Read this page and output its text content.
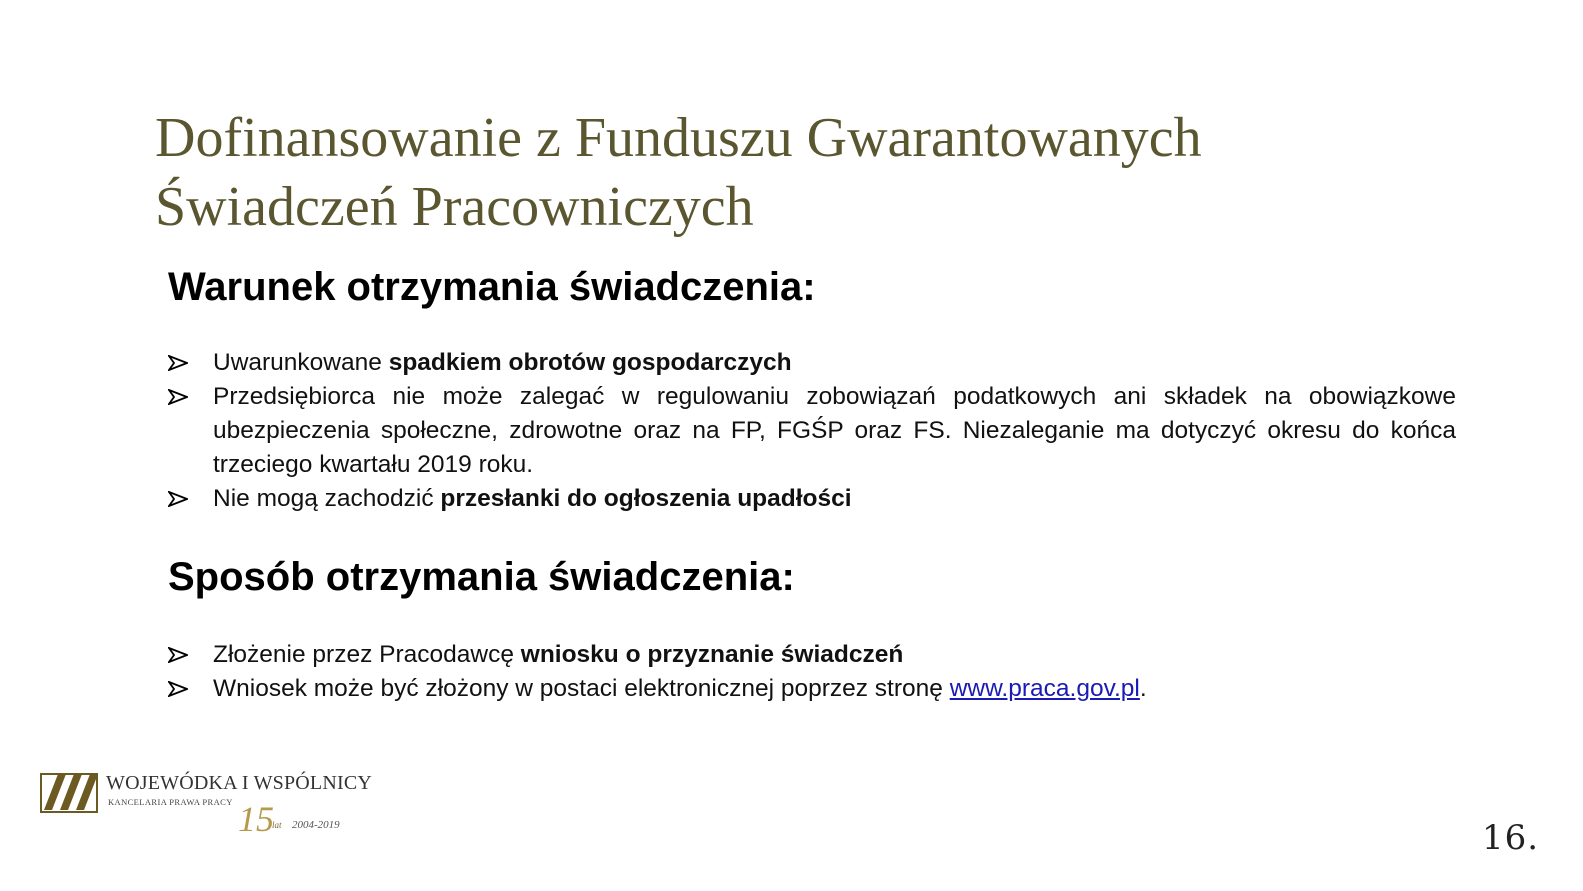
Dofinansowanie z Funduszu Gwarantowanych
Świadczeń Pracowniczych
Warunek otrzymania świadczenia:
Uwarunkowane spadkiem obrotów gospodarczych
Przedsiębiorca nie może zalegać w regulowaniu zobowiązań podatkowych ani składek na obowiązkowe ubezpieczenia społeczne, zdrowotne oraz na FP, FGŚP oraz FS. Niezaleganie ma dotyczyć okresu do końca trzeciego kwartału 2019 roku.
Nie mogą zachodzić przesłanki do ogłoszenia upadłości
Sposób otrzymania świadczenia:
Złożenie przez Pracodawcę wniosku o przyznanie świadczeń
Wniosek może być złożony w postaci elektronicznej poprzez stronę www.praca.gov.pl.
WOJEWÓDKA I WSPÓLNICY
KANCELARIA PRAWA PRACY 15
lat 2004-2019	16.
